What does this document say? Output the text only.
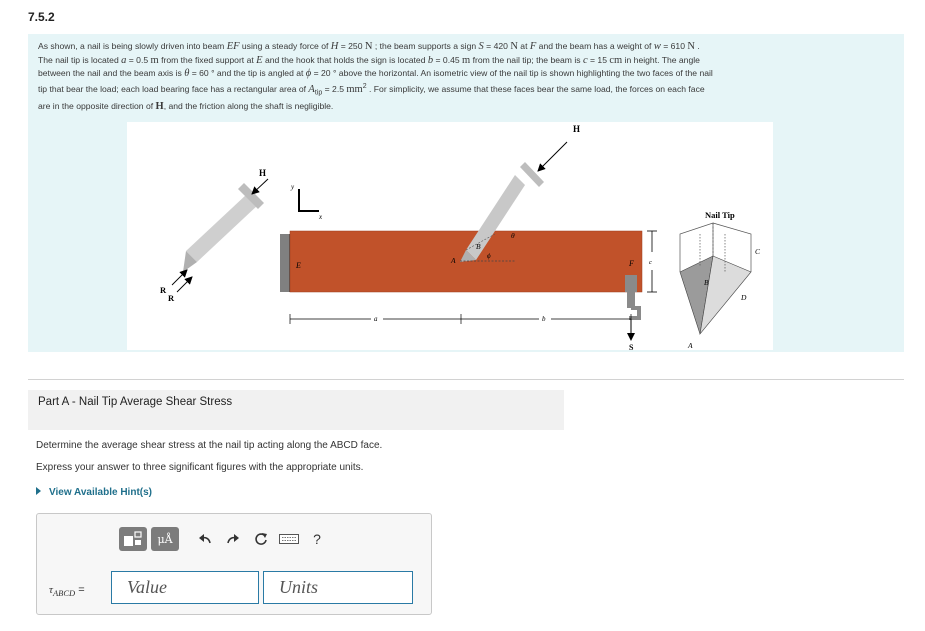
7.5.2
As shown, a nail is being slowly driven into beam EF using a steady force of H = 250 N ; the beam supports a sign S = 420 N at F and the beam has a weight of w = 610 N .
The nail tip is located a = 0.5 m from the fixed support at E and the hook that holds the sign is located b = 0.45 m from the nail tip; the beam is c = 15 cm in height. The angle
between the nail and the beam axis is θ = 60 ° and the tip is angled at ϕ = 20 ° above the horizontal. An isometric view of the nail tip is shown highlighting the two faces of the nail
tip that bear the load; each load bearing face has a rectangular area of $A_{tip} = 2.5$ $mm^2$ . For simplicity, we assume that these faces bear the same load, the forces on each face
are in the opposite direction of H, and the friction along the shaft is negligible.
H
R
R
y
x
E	F
H
A
B
ϕ
θ
c
S
a	b
Nail Tip
B
C
D
A
Part A - Nail Tip Average Shear Stress
Determine the average shear stress at the nail tip acting along the ABCD face.
Express your answer to three significant figures with the appropriate units.
View Available Hint(s)
μÅ	?
$\tau_{ABCD}$ =
Value
Units
